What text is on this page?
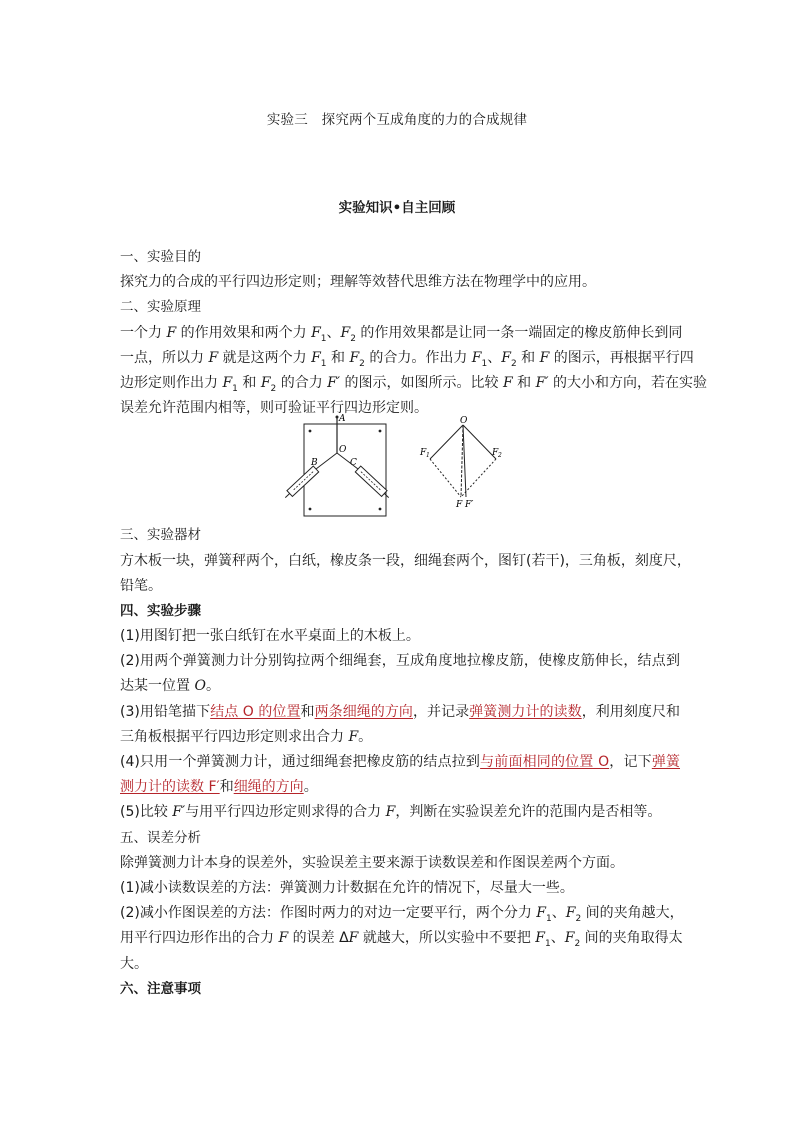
实验三　探究两个互成角度的力的合成规律
实验知识•自主回顾
一、实验目的
探究力的合成的平行四边形定则；理解等效替代思维方法在物理学中的应用。
二、实验原理
一个力 F 的作用效果和两个力 $F_1$、$F_2$ 的作用效果都是让同一条一端固定的橡皮筋伸长到同
一点，所以力 F 就是这两个力 $F_1$ 和 $F_2$ 的合力。作出力 $F_1$、$F_2$ 和 F 的图示，再根据平行四
边形定则作出力 $F_1$ 和 $F_2$ 的合力 F′ 的图示，如图所示。比较 F 和 F′ 的大小和方向，若在实验
误差允许范围内相等，则可验证平行四边形定则。
A
O
B	C
O
F 1	F 2
F F′
三、实验器材
方木板一块，弹簧秤两个，白纸，橡皮条一段，细绳套两个，图钉(若干)，三角板，刻度尺，
铅笔。
四、实验步骤
(1)用图钉把一张白纸钉在水平桌面上的木板上。
(2)用两个弹簧测力计分别钩拉两个细绳套，互成角度地拉橡皮筋，使橡皮筋伸长，结点到
达某一位置 O。
(3)用铅笔描下结点 O 的位置和两条细绳的方向，并记录弹簧测力计的读数，利用刻度尺和
三角板根据平行四边形定则求出合力 F。
(4)只用一个弹簧测力计，通过细绳套把橡皮筋的结点拉到与前面相同的位置 O，记下弹簧
测力计的读数 F′和细绳的方向。
(5)比较 F′与用平行四边形定则求得的合力 F，判断在实验误差允许的范围内是否相等。
五、误差分析
除弹簧测力计本身的误差外，实验误差主要来源于读数误差和作图误差两个方面。
(1)减小读数误差的方法：弹簧测力计数据在允许的情况下，尽量大一些。
(2)减小作图误差的方法：作图时两力的对边一定要平行，两个分力 $F_1$、$F_2$ 间的夹角越大，
用平行四边形作出的合力 F 的误差 ΔF 就越大，所以实验中不要把 $F_1$、$F_2$ 间的夹角取得太
大。
六、注意事项
